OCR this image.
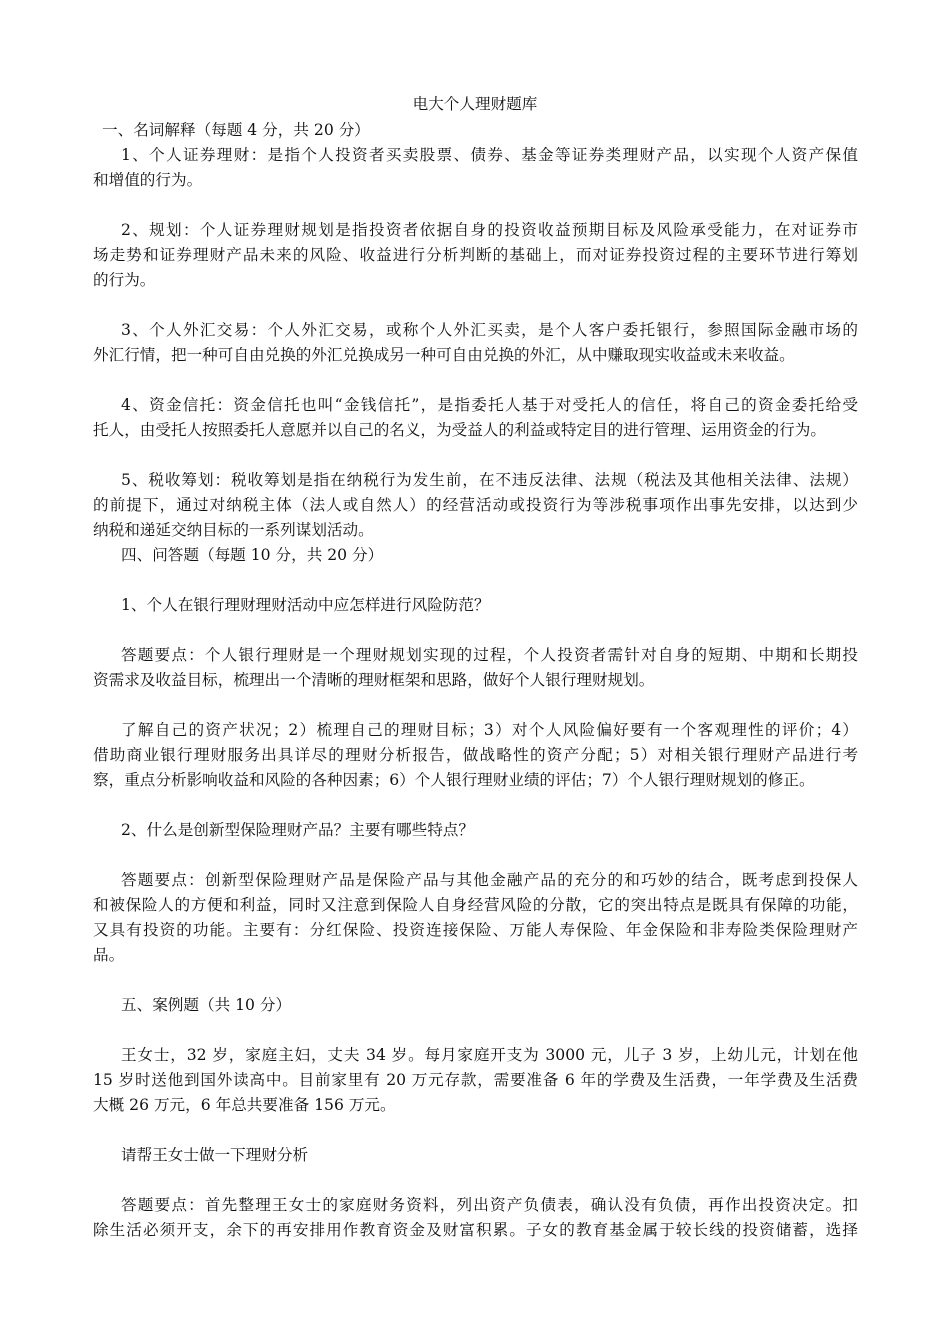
电大个人理财题库
一、名词解释（每题 4 分，共 20 分）
1、个人证券理财：是指个人投资者买卖股票、债券、基金等证券类理财产品，以实现个人资产保值
和增值的行为。
2、规划：个人证券理财规划是指投资者依据自身的投资收益预期目标及风险承受能力，在对证券市
场走势和证券理财产品未来的风险、收益进行分析判断的基础上，而对证券投资过程的主要环节进行筹划
的行为。
3、个人外汇交易：个人外汇交易，或称个人外汇买卖，是个人客户委托银行，参照国际金融市场的
外汇行情，把一种可自由兑换的外汇兑换成另一种可自由兑换的外汇，从中赚取现实收益或未来收益。
4、资金信托：资金信托也叫“金钱信托”，是指委托人基于对受托人的信任，将自己的资金委托给受
托人，由受托人按照委托人意愿并以自己的名义，为受益人的利益或特定目的进行管理、运用资金的行为。
5、税收筹划：税收筹划是指在纳税行为发生前，在不违反法律、法规（税法及其他相关法律、法规）
的前提下，通过对纳税主体（法人或自然人）的经营活动或投资行为等涉税事项作出事先安排，以达到少
纳税和递延交纳目标的一系列谋划活动。
四、问答题（每题 10 分，共 20 分）
1、个人在银行理财理财活动中应怎样进行风险防范？
答题要点：个人银行理财是一个理财规划实现的过程，个人投资者需针对自身的短期、中期和长期投
资需求及收益目标，梳理出一个清晰的理财框架和思路，做好个人银行理财规划。
了解自己的资产状况；2）梳理自己的理财目标；3）对个人风险偏好要有一个客观理性的评价；4）
借助商业银行理财服务出具详尽的理财分析报告，做战略性的资产分配；5）对相关银行理财产品进行考
察，重点分析影响收益和风险的各种因素；6）个人银行理财业绩的评估；7）个人银行理财规划的修正。
2、什么是创新型保险理财产品？主要有哪些特点？
答题要点：创新型保险理财产品是保险产品与其他金融产品的充分的和巧妙的结合，既考虑到投保人
和被保险人的方便和利益，同时又注意到保险人自身经营风险的分散，它的突出特点是既具有保障的功能，
又具有投资的功能。主要有：分红保险、投资连接保险、万能人寿保险、年金保险和非寿险类保险理财产
品。
五、案例题（共 10 分）
王女士，32 岁，家庭主妇，丈夫 34 岁。每月家庭开支为 3000 元，儿子 3 岁，上幼儿元，计划在他
15 岁时送他到国外读高中。目前家里有 20 万元存款，需要准备 6 年的学费及生活费，一年学费及生活费
大概 26 万元，6 年总共要准备 156 万元。
请帮王女士做一下理财分析
答题要点：首先整理王女士的家庭财务资料，列出资产负债表，确认没有负债，再作出投资决定。扣
除生活必须开支，余下的再安排用作教育资金及财富积累。子女的教育基金属于较长线的投资储蓄，选择
